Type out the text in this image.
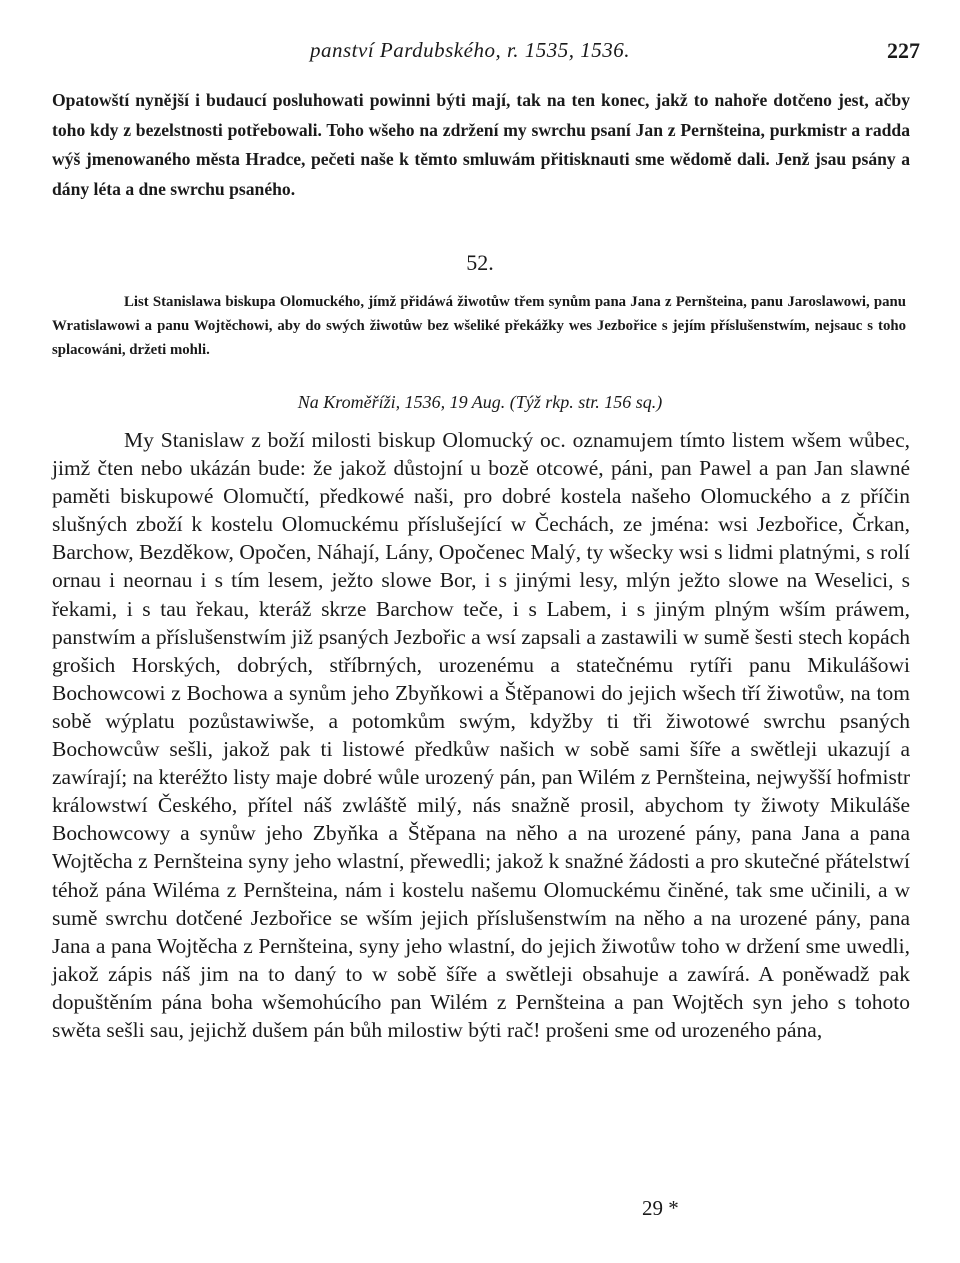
panství Pardubského, r. 1535, 1536.	227

Opatowští nynější i budaucí posluhowati powinni býti mají, tak na ten konec, jakž to nahoře dotčeno jest, ačby toho kdy z bezelstnosti potřebowali. Toho wšeho na zdržení my swrchu psaní Jan z Pernšteina, purkmistr a radda wýš jmenowaného města Hradce, pečeti naše k těmto smluwám přitisknauti sme wědomě dali. Jenž jsau psány a dány léta a dne swrchu psaného.

52.

List Stanislawa biskupa Olomuckého, jímž přidáwá žiwotůw třem synům pana Jana z Pernšteina, panu Jaroslawowi, panu Wratislawowi a panu Wojtěchowi, aby do swých žiwotůw bez wšeliké překážky wes Jezbořice s jejím příslušenstwím, nejsauc s toho splacowáni, držeti mohli.

Na Kroměříži, 1536, 19 Aug. (Týž rkp. str. 156 sq.)

My Stanislaw z boží milosti biskup Olomucký oc. oznamujem tímto listem wšem wůbec, jimž čten nebo ukázán bude: že jakož důstojní u bozě otcowé, páni, pan Pawel a pan Jan slawné paměti biskupowé Olomučtí, předkowé naši, pro dobré kostela našeho Olomuckého a z příčin slušných zboží k kostelu Olomuckému příslušející w Čechách, ze jména: wsi Jezbořice, Črkan, Barchow, Bezděkow, Opočen, Náhají, Lány, Opočenec Malý, ty wšecky wsi s lidmi platnými, s rolí ornau i neornau i s tím lesem, ježto slowe Bor, i s jinými lesy, mlýn ježto slowe na Weselici, s řekami, i s tau řekau, kteráž skrze Barchow teče, i s Labem, i s jiným plným wším práwem, panstwím a příslušenstwím již psaných Jezbořic a wsí zapsali a zastawili w sumě šesti stech kopách grošich Horských, dobrých, stříbrných, urozenému a statečnému rytíři panu Mikulášowi Bochowcowi z Bochowa a synům jeho Zbyňkowi a Štěpanowi do jejich wšech tří žiwotůw, na tom sobě wýplatu pozůstawiwše, a potomkům swým, kdyžby ti tři žiwotowé swrchu psaných Bochowcůw sešli, jakož pak ti listowé předkůw našich w sobě sami šíře a swětleji ukazují a zawírají; na kteréžto listy maje dobré wůle urozený pán, pan Wilém z Pernšteina, nejwyšší hofmistr králowstwí Českého, přítel náš zwláště milý, nás snažně prosil, abychom ty žiwoty Mikuláše Bochowcowy a synůw jeho Zbyňka a Štěpana na něho a na urozené pány, pana Jana a pana Wojtěcha z Pernšteina syny jeho wlastní, přewedli; jakož k snažné žádosti a pro skutečné přátelstwí téhož pána Wiléma z Pernšteina, nám i kostelu našemu Olomuckému činěné, tak sme učinili, a w sumě swrchu dotčené Jezbořice se wším jejich příslušenstwím na něho a na urozené pány, pana Jana a pana Wojtěcha z Pernšteina, syny jeho wlastní, do jejich žiwotůw toho w držení sme uwedli, jakož zápis náš jim na to daný to w sobě šíře a swětleji obsahuje a zawírá. A poněwadž pak dopuštěním pána boha wšemohúcího pan Wilém z Pernšteina a pan Wojtěch syn jeho s tohoto swěta sešli sau, jejichž dušem pán bůh milostiw býti rač! prošeni sme od urozeného pána,

29 *
